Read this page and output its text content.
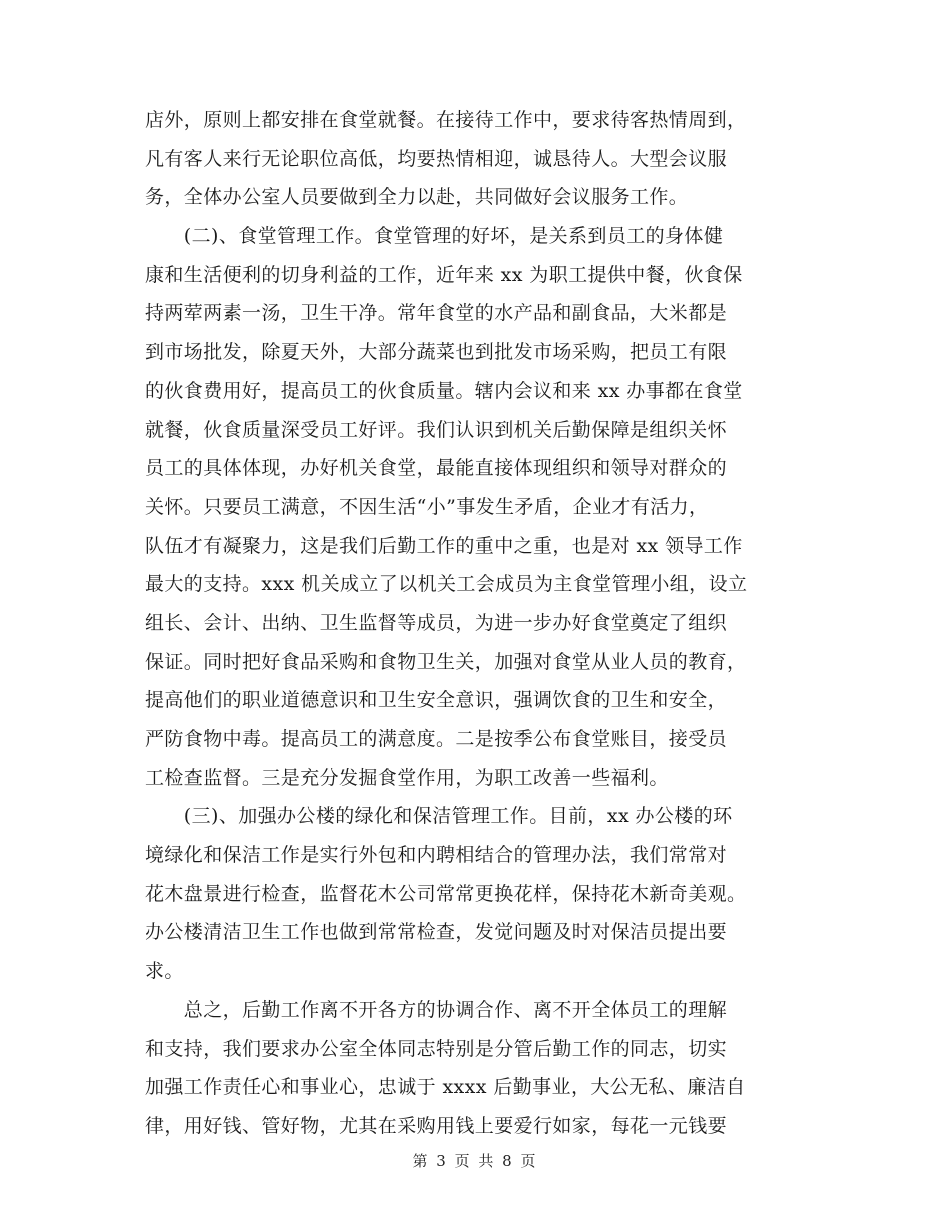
店外，原则上都安排在食堂就餐。在接待工作中，要求待客热情周到，
凡有客人来行无论职位高低，均要热情相迎，诚恳待人。大型会议服
务，全体办公室人员要做到全力以赴，共同做好会议服务工作。
　　(二)、食堂管理工作。食堂管理的好坏，是关系到员工的身体健
康和生活便利的切身利益的工作，近年来 xx 为职工提供中餐，伙食保
持两荤两素一汤，卫生干净。常年食堂的水产品和副食品，大米都是
到市场批发，除夏天外，大部分蔬菜也到批发市场采购，把员工有限
的伙食费用好，提高员工的伙食质量。辖内会议和来 xx 办事都在食堂
就餐，伙食质量深受员工好评。我们认识到机关后勤保障是组织关怀
员工的具体体现，办好机关食堂，最能直接体现组织和领导对群众的
关怀。只要员工满意，不因生活“小”事发生矛盾，企业才有活力，
队伍才有凝聚力，这是我们后勤工作的重中之重，也是对 xx 领导工作
最大的支持。xxx 机关成立了以机关工会成员为主食堂管理小组，设立
组长、会计、出纳、卫生监督等成员，为进一步办好食堂奠定了组织
保证。同时把好食品采购和食物卫生关，加强对食堂从业人员的教育，
提高他们的职业道德意识和卫生安全意识，强调饮食的卫生和安全，
严防食物中毒。提高员工的满意度。二是按季公布食堂账目，接受员
工检查监督。三是充分发掘食堂作用，为职工改善一些福利。
　　(三)、加强办公楼的绿化和保洁管理工作。目前，xx 办公楼的环
境绿化和保洁工作是实行外包和内聘相结合的管理办法，我们常常对
花木盘景进行检查，监督花木公司常常更换花样，保持花木新奇美观。
办公楼清洁卫生工作也做到常常检查，发觉问题及时对保洁员提出要
求。
　　总之，后勤工作离不开各方的协调合作、离不开全体员工的理解
和支持，我们要求办公室全体同志特别是分管后勤工作的同志，切实
加强工作责任心和事业心，忠诚于 xxxx 后勤事业，大公无私、廉洁自
律，用好钱、管好物，尤其在采购用钱上要爱行如家，每花一元钱要
第 3 页 共 8 页
